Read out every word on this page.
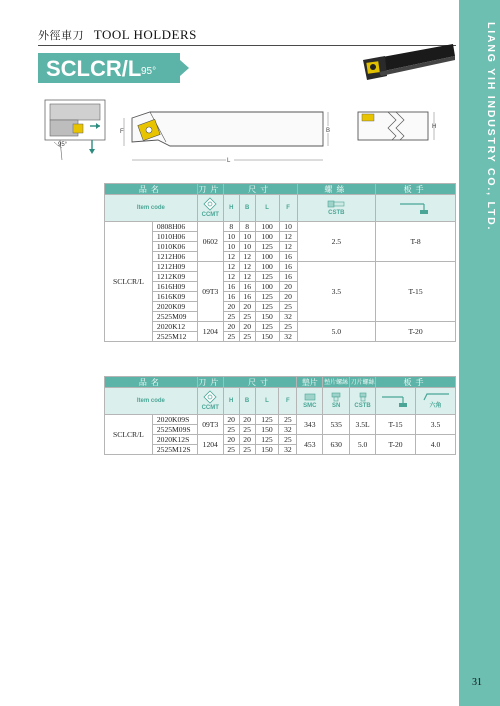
LIANG YIH INDUSTRY CO., LTD.
31
外徑車刀 TOOL HOLDERS
SCLCR/L 95°
95°
F	B
L
H
品名		刀片	尺寸				螺絲	板手
Item code		CCMT	H	B	L	F	CSTB	

SCLCR/L	0808H06	0602	8	8	100	10	2.5	T-8
	1010H06		10	10	100	12		
	1010K06		10	10	125	12		
	1212H06		12	12	100	16		
	1212H09	09T3	12	12	100	16	3.5	T-15
	1212K09		12	12	125	16		
	1616H09		16	16	100	20		
	1616K09		16	16	125	20		
	2020K09		20	20	125	25		
	2525M09		25	25	150	32		
	2020K12	1204	20	20	125	25	5.0	T-20
	2525M12		25	25	150	32		
品名		刀片	尺寸				墊片	墊片螺絲	刀片螺絲	板手	
Item code		CCMT	H	B	L	F	SMC	SN	CSTB		六角
SCLCR/L	2020K09S	09T3	20	20	125	25	343	535	3.5L	T-15	3.5
	2525M09S		25	25	150	32					
	2020K12S	1204	20	20	125	25	453	630	5.0	T-20	4.0
	2525M12S		25	25	150	32					
